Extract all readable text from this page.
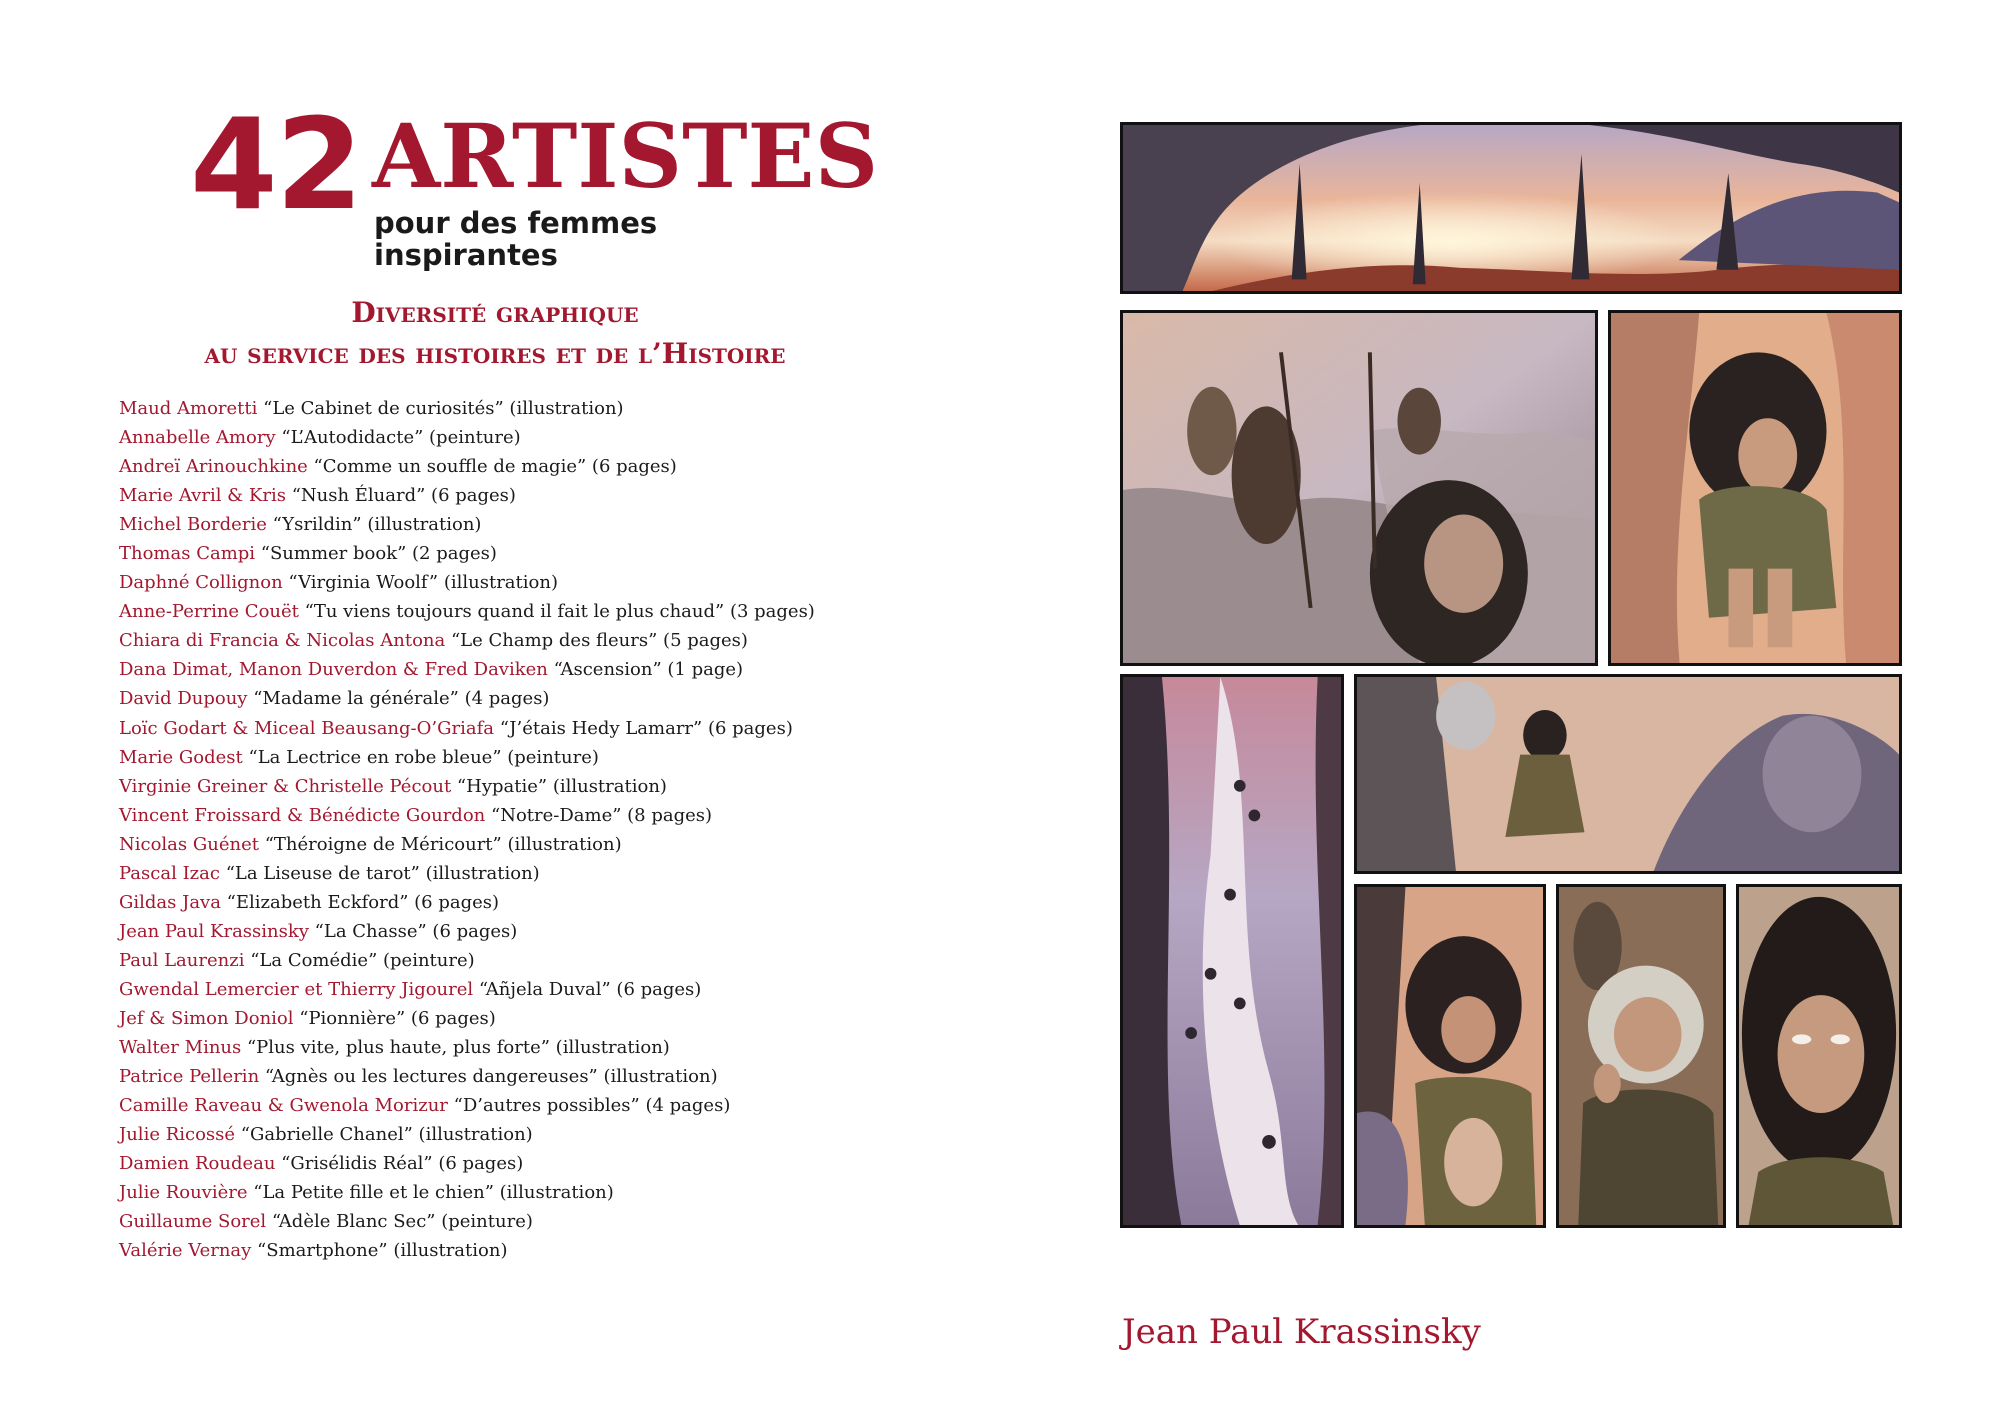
42 ARTISTES
pour des femmes inspirantes
Diversité graphique
au service des histoires et de l’Histoire
Maud Amoretti “Le Cabinet de curiosités” (illustration)
Annabelle Amory “L’Autodidacte” (peinture)
Andreï Arinouchkine “Comme un souffle de magie” (6 pages)
Marie Avril & Kris “Nush Éluard” (6 pages)
Michel Borderie “Ysrildin” (illustration)
Thomas Campi “Summer book” (2 pages)
Daphné Collignon “Virginia Woolf” (illustration)
Anne-Perrine Couët “Tu viens toujours quand il fait le plus chaud” (3 pages)
Chiara di Francia & Nicolas Antona “Le Champ des fleurs” (5 pages)
Dana Dimat, Manon Duverdon & Fred Daviken “Ascension” (1 page)
David Dupouy “Madame la générale” (4 pages)
Loïc Godart & Miceal Beausang-O’Griafa “J’étais Hedy Lamarr” (6 pages)
Marie Godest “La Lectrice en robe bleue” (peinture)
Virginie Greiner & Christelle Pécout “Hypatie” (illustration)
Vincent Froissard & Bénédicte Gourdon “Notre-Dame” (8 pages)
Nicolas Guénet “Théroigne de Méricourt” (illustration)
Pascal Izac “La Liseuse de tarot” (illustration)
Gildas Java “Elizabeth Eckford” (6 pages)
Jean Paul Krassinsky “La Chasse” (6 pages)
Paul Laurenzi “La Comédie” (peinture)
Gwendal Lemercier et Thierry Jigourel “Añjela Duval” (6 pages)
Jef & Simon Doniol “Pionnière” (6 pages)
Walter Minus “Plus vite, plus haute, plus forte” (illustration)
Patrice Pellerin “Agnès ou les lectures dangereuses” (illustration)
Camille Raveau & Gwenola Morizur “D’autres possibles” (4 pages)
Julie Ricossé “Gabrielle Chanel” (illustration)
Damien Roudeau “Grisélidis Réal” (6 pages)
Julie Rouvière “La Petite fille et le chien” (illustration)
Guillaume Sorel “Adèle Blanc Sec” (peinture)
Valérie Vernay “Smartphone” (illustration)
Jean Paul Krassinsky
